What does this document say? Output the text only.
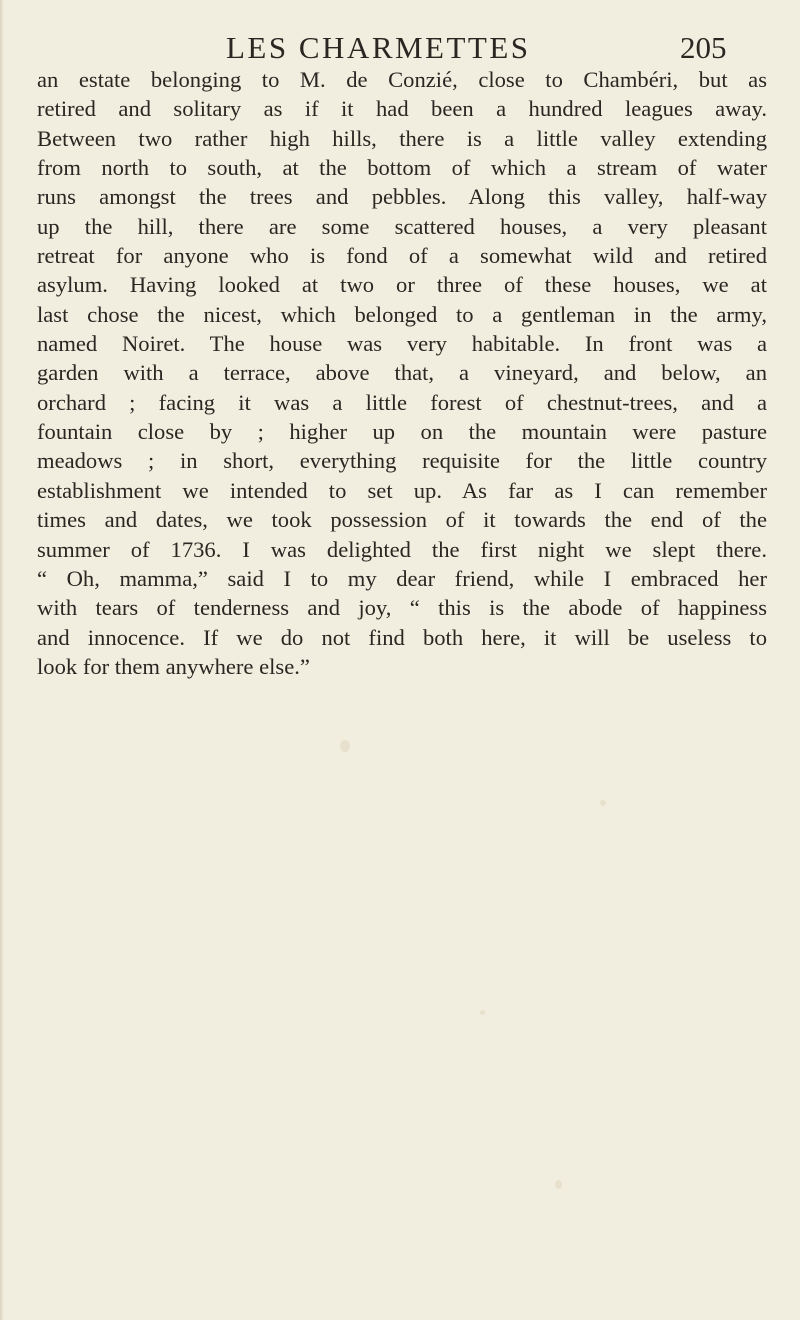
LES CHARMETTES	205
an estate belonging to M. de Conzié, close to Chambéri, but as
retired and solitary as if it had been a hundred leagues away.
Between two rather high hills, there is a little valley extending
from north to south, at the bottom of which a stream of water
runs amongst the trees and pebbles. Along this valley, half-way
up the hill, there are some scattered houses, a very pleasant
retreat for anyone who is fond of a somewhat wild and retired
asylum. Having looked at two or three of these houses, we at
last chose the nicest, which belonged to a gentleman in the army,
named Noiret. The house was very habitable. In front was a
garden with a terrace, above that, a vineyard, and below, an
orchard ; facing it was a little forest of chestnut-trees, and a
fountain close by ; higher up on the mountain were pasture
meadows ; in short, everything requisite for the little country
establishment we intended to set up. As far as I can remember
times and dates, we took possession of it towards the end of the
summer of 1736. I was delighted the first night we slept there.
“ Oh, mamma,” said I to my dear friend, while I embraced her
with tears of tenderness and joy, “ this is the abode of happiness
and innocence. If we do not find both here, it will be useless to
look for them anywhere else.”
